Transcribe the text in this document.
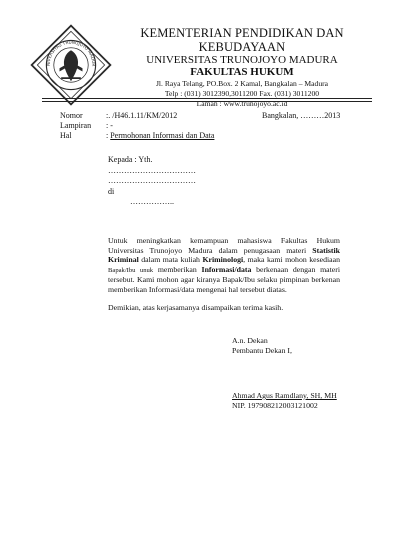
NIVERSITAS TRUNOJOYO MADUR
KEMENTERIAN PENDIDIKAN DAN KEBUDAYAAN
UNIVERSITAS TRUNOJOYO MADURA
FAKULTAS HUKUM
Jl. Raya Telang, PO.Box. 2 Kamal, Bangkalan – Madura
Telp : (031) 3012390,3011200 Fax. (031) 3011200
Laman : www.trunojoyo.ac.id
Nomor	:. /H46.1.11/KM/2012
Lampiran	: -
Hal	: Permohonan Informasi dan Data
Bangkalan, ………2013
Kepada : Yth.
……………………………
……………………………
di
……………..

Untuk meningkatkan kemampuan mahasiswa Fakultas Hukum Universitas Trunojoyo Madura dalam penugasaan materi Statistik Kriminal dalam mata kuliah Kriminologi, maka kami mohon kesediaan Bapak/Ibu unuk memberikan Informasi/data berkenaan dengan materi tersebut. Kami mohon agar kiranya Bapak/Ibu selaku pimpinan berkenan memberikan Informasi/data mengenai hal tersebut diatas.

Demikian, atas kerjasamanya disampaikan terima kasih.

A.n. Dekan
Pembantu Dekan I,
Ahmad Agus Ramdlany, SH, MH
NIP. 197908212003121002
